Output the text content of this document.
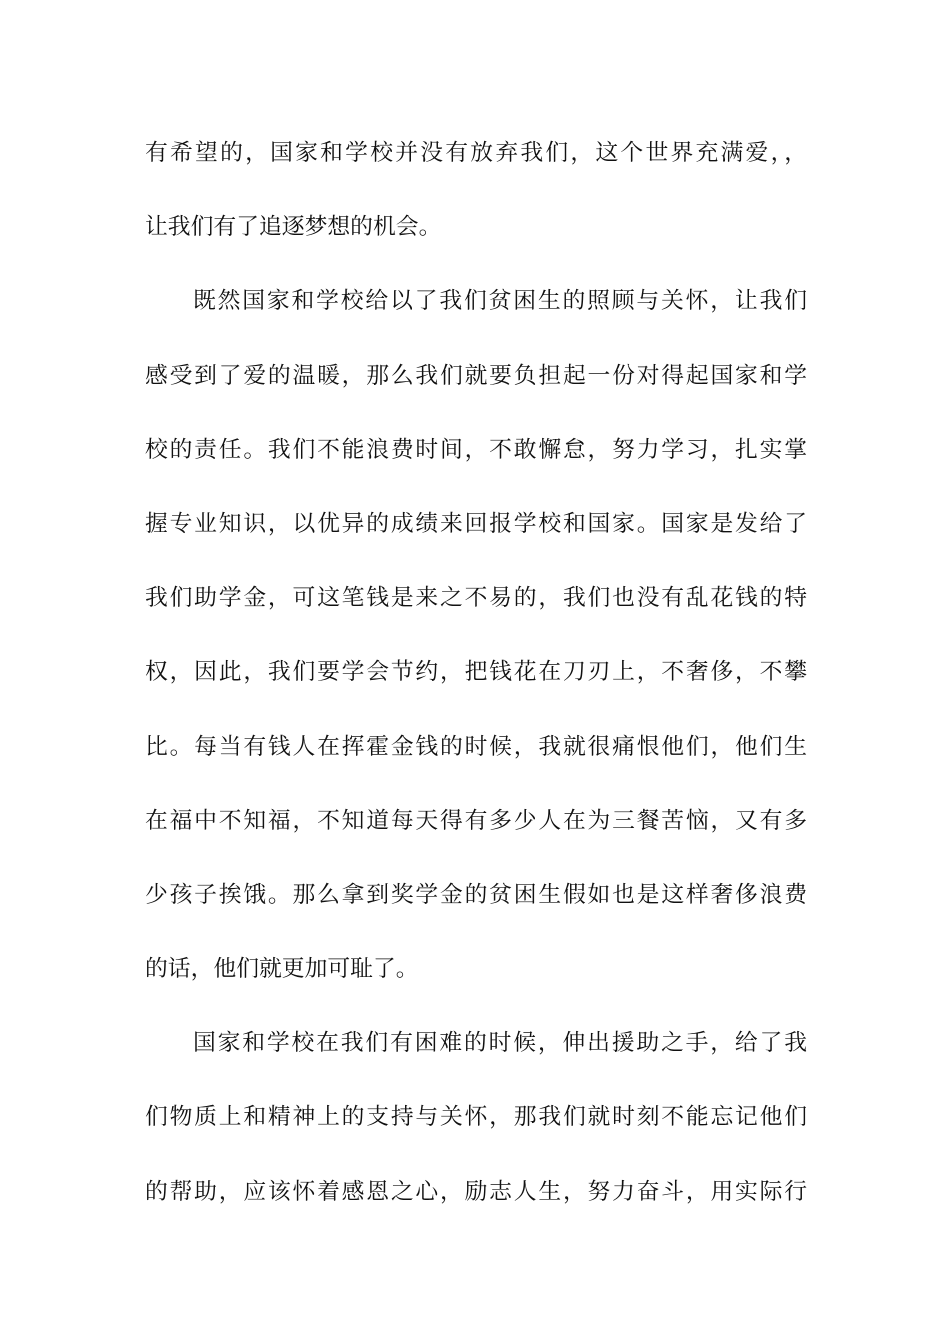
有希望的，国家和学校并没有放弃我们，这个世界充满爱，，
让我们有了追逐梦想的机会。
既然国家和学校给以了我们贫困生的照顾与关怀，让我们
感受到了爱的温暖，那么我们就要负担起一份对得起国家和学
校的责任。我们不能浪费时间，不敢懈怠，努力学习，扎实掌
握专业知识，以优异的成绩来回报学校和国家。国家是发给了
我们助学金，可这笔钱是来之不易的，我们也没有乱花钱的特
权，因此，我们要学会节约，把钱花在刀刃上，不奢侈，不攀
比。每当有钱人在挥霍金钱的时候，我就很痛恨他们，他们生
在福中不知福，不知道每天得有多少人在为三餐苦恼，又有多
少孩子挨饿。那么拿到奖学金的贫困生假如也是这样奢侈浪费
的话，他们就更加可耻了。
国家和学校在我们有困难的时候，伸出援助之手，给了我
们物质上和精神上的支持与关怀，那我们就时刻不能忘记他们
的帮助，应该怀着感恩之心，励志人生，努力奋斗，用实际行
